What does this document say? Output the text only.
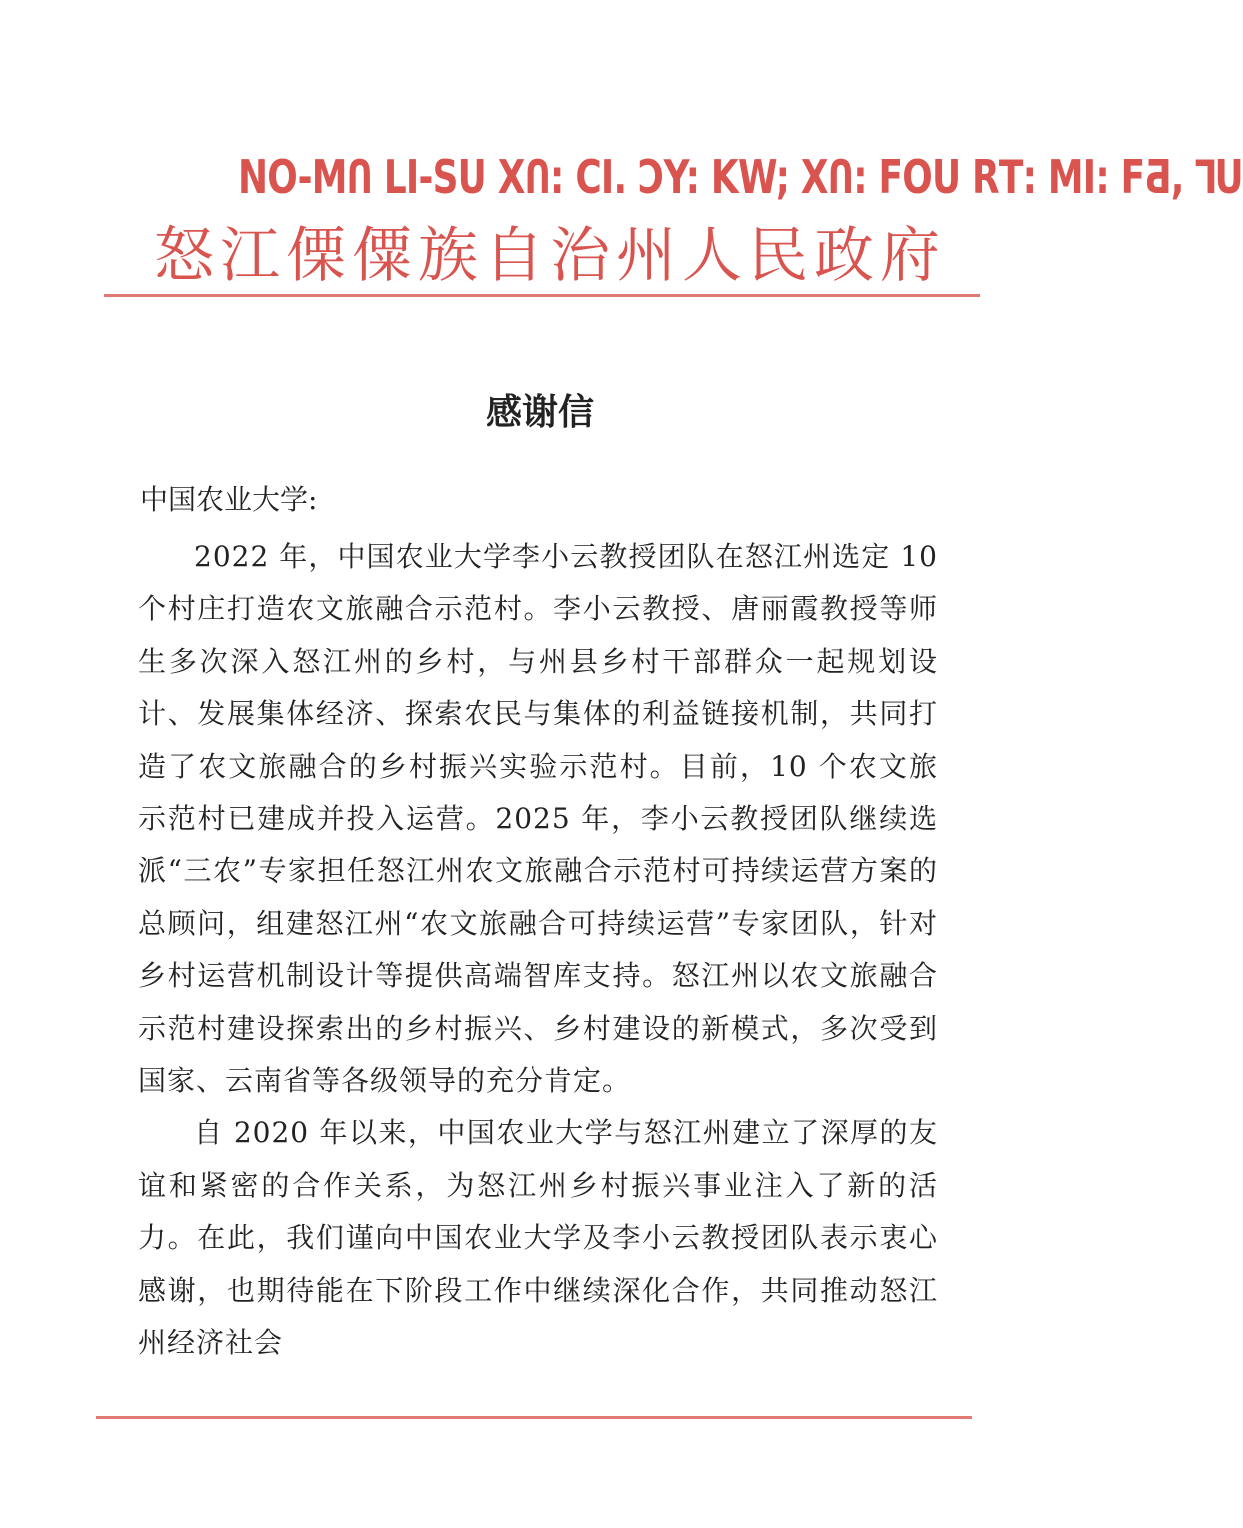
NO-MՈ LI-SU XՈ: CI. ƆY: KW; XՈ: FOU Rꓔ: MI: FƋ, ꓶU
怒江傈僳族自治州人民政府
感谢信
中国农业大学:

2022 年，中国农业大学李小云教授团队在怒江州选定 10 个村庄打造农文旅融合示范村。李小云教授、唐丽霞教授等师生多次深入怒江州的乡村，与州县乡村干部群众一起规划设计、发展集体经济、探索农民与集体的利益链接机制，共同打造了农文旅融合的乡村振兴实验示范村。目前，10 个农文旅示范村已建成并投入运营。2025 年，李小云教授团队继续选派“三农”专家担任怒江州农文旅融合示范村可持续运营方案的总顾问，组建怒江州“农文旅融合可持续运营”专家团队，针对乡村运营机制设计等提供高端智库支持。怒江州以农文旅融合示范村建设探索出的乡村振兴、乡村建设的新模式，多次受到国家、云南省等各级领导的充分肯定。

自 2020 年以来，中国农业大学与怒江州建立了深厚的友谊和紧密的合作关系，为怒江州乡村振兴事业注入了新的活力。在此，我们谨向中国农业大学及李小云教授团队表示衷心感谢，也期待能在下阶段工作中继续深化合作，共同推动怒江州经济社会
